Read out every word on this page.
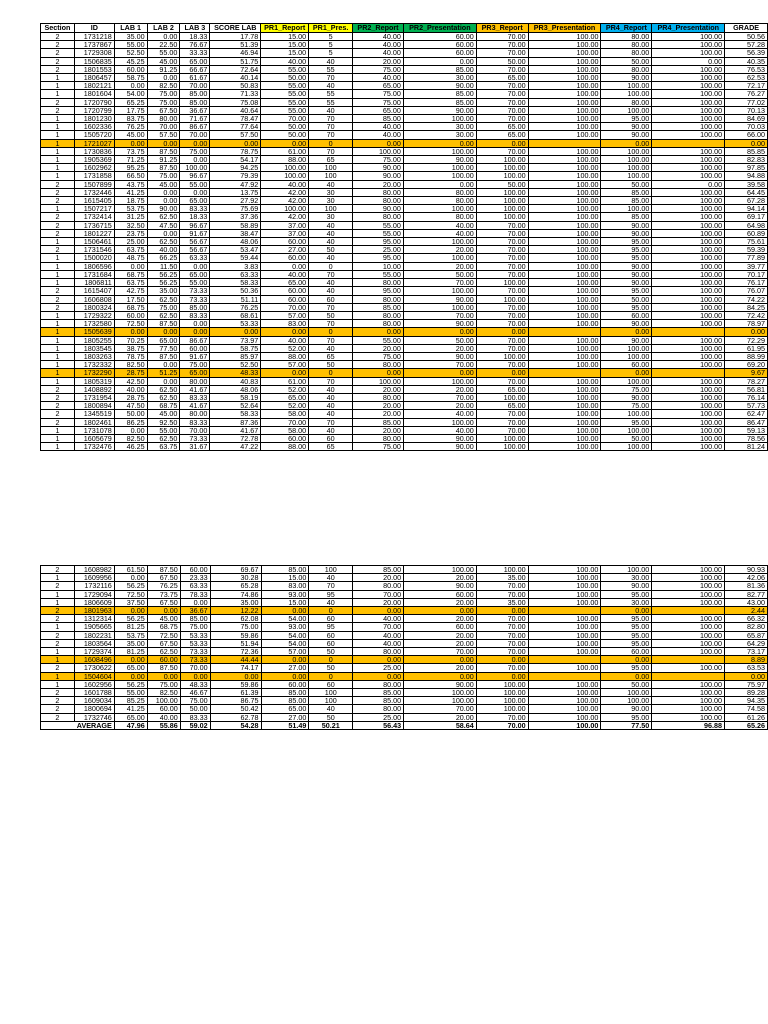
Section	ID	LAB 1	LAB 2	LAB 3	SCORE LAB	PR1_Report	PR1_Pres.	PR2_Report	PR2_Presentation	PR3_Report	PR3_Presentation	PR4_Report	PR4_Presentation	GRADE
2	1731218	35.00	0.00	18.33	17.78	15.00	5	40.00	60.00	70.00	100.00	80.00	100.00	50.56
2	1737867	55.00	22.50	76.67	51.39	15.00	5	40.00	60.00	70.00	100.00	80.00	100.00	57.28
2	1729308	52.50	55.00	33.33	46.94	15.00	5	40.00	60.00	70.00	100.00	80.00	100.00	56.39
2	1506835	45.25	45.00	65.00	51.75	40.00	40	20.00	0.00	50.00	100.00	50.00	0.00	40.35
2	1801553	60.00	91.25	66.67	72.64	55.00	55	75.00	85.00	70.00	100.00	80.00	100.00	76.53
1	1806457	58.75	0.00	61.67	40.14	50.00	70	40.00	30.00	65.00	100.00	90.00	100.00	62.53
1	1802121	0.00	82.50	70.00	50.83	55.00	40	65.00	90.00	70.00	100.00	100.00	100.00	72.17
1	1801604	54.00	75.00	85.00	71.33	55.00	55	75.00	85.00	70.00	100.00	100.00	100.00	76.27
2	1720790	65.25	75.00	85.00	75.08	55.00	55	75.00	85.00	70.00	100.00	80.00	100.00	77.02
2	1720799	17.75	67.50	36.67	40.64	55.00	40	65.00	90.00	70.00	100.00	100.00	100.00	70.13
1	1801230	83.75	80.00	71.67	78.47	70.00	70	85.00	100.00	70.00	100.00	95.00	100.00	84.69
1	1602336	76.25	70.00	86.67	77.64	50.00	70	40.00	30.00	65.00	100.00	90.00	100.00	70.03
1	1505720	45.00	57.50	70.00	57.50	50.00	70	40.00	30.00	65.00	100.00	90.00	100.00	66.00
1	1721027	0.00	0.00	0.00	0.00	0.00	0	0.00	0.00	0.00		0.00		0.00
1	1730836	73.75	87.50	75.00	78.75	61.00	70	100.00	100.00	70.00	100.00	100.00	100.00	85.85
1	1905369	71.25	91.25	0.00	54.17	88.00	65	75.00	90.00	100.00	100.00	100.00	100.00	82.83
1	1602962	95.25	87.50	100.00	94.25	100.00	100	90.00	100.00	100.00	100.00	100.00	100.00	97.85
1	1731858	66.50	75.00	96.67	79.39	100.00	100	90.00	100.00	100.00	100.00	100.00	100.00	94.88
2	1507899	43.75	45.00	55.00	47.92	40.00	40	20.00	0.00	50.00	100.00	50.00	0.00	39.58
2	1732446	41.25	0.00	0.00	13.75	42.00	30	80.00	80.00	100.00	100.00	85.00	100.00	64.45
2	1615405	18.75	0.00	65.00	27.92	42.00	30	80.00	80.00	100.00	100.00	85.00	100.00	67.28
1	1507217	53.75	90.00	83.33	75.69	100.00	100	90.00	100.00	100.00	100.00	100.00	100.00	94.14
2	1732414	31.25	62.50	18.33	37.36	42.00	30	80.00	80.00	100.00	100.00	85.00	100.00	69.17
2	1736715	32.50	47.50	96.67	58.89	37.00	40	55.00	40.00	70.00	100.00	90.00	100.00	64.98
2	1801227	23.75	0.00	91.67	38.47	37.00	40	55.00	40.00	70.00	100.00	90.00	100.00	60.89
1	1506461	25.00	62.50	56.67	48.06	60.00	40	95.00	100.00	70.00	100.00	95.00	100.00	75.61
2	1731546	63.75	40.00	56.67	53.47	27.00	50	25.00	20.00	70.00	100.00	95.00	100.00	59.39
1	1500020	48.75	66.25	63.33	59.44	60.00	40	95.00	100.00	70.00	100.00	95.00	100.00	77.89
1	1806596	0.00	11.50	0.00	3.83	0.00	0	10.00	20.00	70.00	100.00	90.00	100.00	39.77
1	1731684	68.75	56.25	65.00	63.33	40.00	70	55.00	50.00	70.00	100.00	90.00	100.00	70.17
1	1806811	63.75	56.25	55.00	58.33	65.00	40	80.00	70.00	100.00	100.00	90.00	100.00	76.17
2	1615407	42.75	35.00	73.33	50.36	60.00	40	95.00	100.00	70.00	100.00	95.00	100.00	76.07
2	1606808	17.50	62.50	73.33	51.11	60.00	60	80.00	90.00	100.00	100.00	50.00	100.00	74.22
2	1800324	68.75	75.00	85.00	76.25	70.00	70	85.00	100.00	70.00	100.00	95.00	100.00	84.25
1	1729322	60.00	62.50	83.33	68.61	57.00	50	80.00	70.00	70.00	100.00	60.00	100.00	72.42
1	1732580	72.50	87.50	0.00	53.33	83.00	70	80.00	90.00	70.00	100.00	90.00	100.00	78.97
1	1505639	0.00	0.00	0.00	0.00	0.00	0	0.00	0.00	0.00		0.00		0.00
1	1805255	70.25	65.00	86.67	73.97	40.00	70	55.00	50.00	70.00	100.00	90.00	100.00	72.29
1	1803545	38.75	77.50	60.00	58.75	52.00	40	20.00	20.00	70.00	100.00	100.00	100.00	61.95
1	1803263	78.75	87.50	91.67	85.97	88.00	65	75.00	90.00	100.00	100.00	100.00	100.00	88.99
1	1732332	82.50	0.00	75.00	52.50	57.00	50	80.00	70.00	70.00	100.00	60.00	100.00	69.20
1	1732290	28.75	51.25	65.00	48.33	0.00	0	0.00	0.00	0.00		0.00		9.67
1	1805319	42.50	0.00	80.00	40.83	61.00	70	100.00	100.00	70.00	100.00	100.00	100.00	78.27
2	1408892	40.00	62.50	41.67	48.06	52.00	40	20.00	20.00	65.00	100.00	75.00	100.00	56.81
2	1731954	28.75	62.50	83.33	58.19	65.00	40	80.00	70.00	100.00	100.00	90.00	100.00	76.14
2	1800894	47.50	68.75	41.67	52.64	52.00	40	20.00	20.00	65.00	100.00	75.00	100.00	57.73
2	1345519	50.00	45.00	80.00	58.33	58.00	40	20.00	40.00	70.00	100.00	100.00	100.00	62.47
2	1802461	86.25	92.50	83.33	87.36	70.00	70	85.00	100.00	70.00	100.00	95.00	100.00	86.47
1	1731078	0.00	55.00	70.00	41.67	58.00	40	20.00	40.00	70.00	100.00	100.00	100.00	59.13
1	1605679	82.50	62.50	73.33	72.78	60.00	60	80.00	90.00	100.00	100.00	50.00	100.00	78.56
1	1732476	46.25	63.75	31.67	47.22	88.00	65	75.00	90.00	100.00	100.00	100.00	100.00	81.24
2	1608982	61.50	87.50	60.00	69.67	85.00	100	85.00	100.00	100.00	100.00	100.00	100.00	90.93
1	1609956	0.00	67.50	23.33	30.28	15.00	40	20.00	20.00	35.00	100.00	30.00	100.00	42.06
2	1732116	56.25	76.25	63.33	65.28	83.00	70	80.00	90.00	70.00	100.00	90.00	100.00	81.36
1	1729094	72.50	73.75	78.33	74.86	93.00	95	70.00	60.00	70.00	100.00	95.00	100.00	82.77
1	1806609	37.50	67.50	0.00	35.00	15.00	40	20.00	20.00	35.00	100.00	30.00	100.00	43.00
2	1801963	0.00	0.00	36.67	12.22	0.00	0	0.00	0.00	0.00		0.00		2.44
2	1312314	56.25	45.00	85.00	62.08	54.00	60	40.00	20.00	70.00	100.00	95.00	100.00	66.32
1	1905665	81.25	68.75	75.00	75.00	93.00	95	70.00	60.00	70.00	100.00	95.00	100.00	82.80
2	1802231	53.75	72.50	53.33	59.86	54.00	60	40.00	20.00	70.00	100.00	95.00	100.00	65.87
2	1803564	35.00	67.50	53.33	51.94	54.00	60	40.00	20.00	70.00	100.00	95.00	100.00	64.29
1	1729374	81.25	62.50	73.33	72.36	57.00	50	80.00	70.00	70.00	100.00	60.00	100.00	73.17
1	1608496	0.00	60.00	73.33	44.44	0.00	0	0.00	0.00	0.00		0.00		8.89
2	1730622	65.00	87.50	70.00	74.17	27.00	50	25.00	20.00	70.00	100.00	95.00	100.00	63.53
1	1504604	0.00	0.00	0.00	0.00	0.00	0	0.00	0.00	0.00		0.00		0.00
1	1602956	56.25	75.00	48.33	59.86	60.00	60	80.00	90.00	100.00	100.00	50.00	100.00	75.97
2	1601788	55.00	82.50	46.67	61.39	85.00	100	85.00	100.00	100.00	100.00	100.00	100.00	89.28
2	1609034	85.25	100.00	75.00	86.75	85.00	100	85.00	100.00	100.00	100.00	100.00	100.00	94.35
2	1800694	41.25	60.00	50.00	50.42	65.00	40	80.00	70.00	100.00	100.00	90.00	100.00	74.58
2	1732746	65.00	40.00	83.33	62.78	27.00	50	25.00	20.00	70.00	100.00	95.00	100.00	61.26
AVERAGE		47.96	55.86	59.02	54.28	51.49	50.21	56.43	58.64	70.00	100.00	77.50	96.88	65.26
